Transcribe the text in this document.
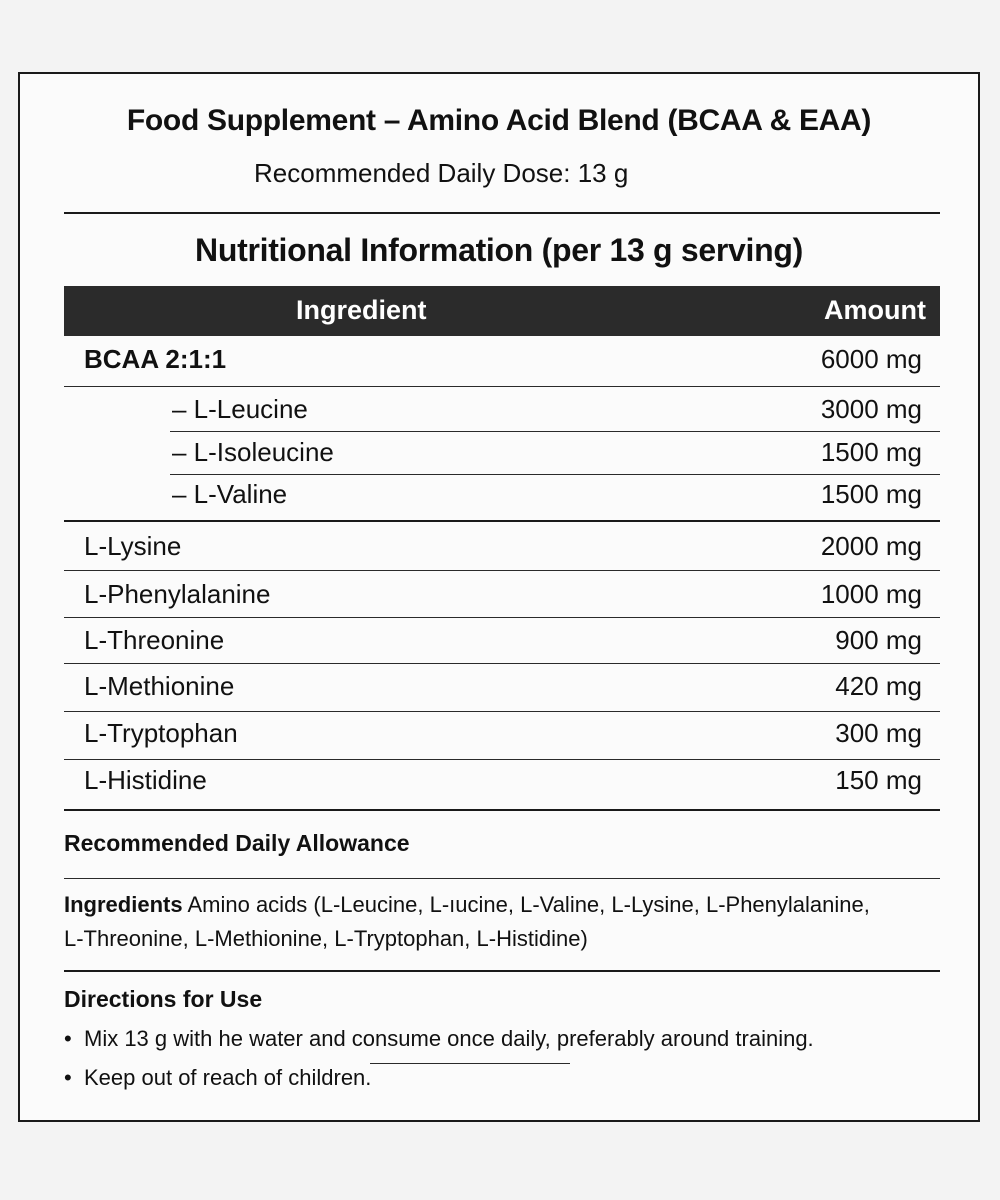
Food Supplement – Amino Acid Blend (BCAA & EAA)

Recommended Daily Dose: 13 g

Nutritional Information (per 13 g serving)

Ingredient	Amount
BCAA 2:1:1	6000 mg
– L-Leucine	3000 mg
– L-Isoleucine	1500 mg
– L-Valine	1500 mg
L-Lysine	2000 mg
L-Phenylalanine	1000 mg
L-Threonine	900 mg
L-Methionine	420 mg
L-Tryptophan	300 mg
L-Histidine	150 mg

Recommended Daily Allowance

Ingredients Amino acids (L-Leucine, L-ıucine, L-Valine, L-Lysine, L-Phenylalanine,
L-Threonine, L-Methionine, L-Tryptophan, L-Histidine)

Directions for Use

• Mix 13 g with he water and consume once daily, preferably around training.
• Keep out of reach of children.
